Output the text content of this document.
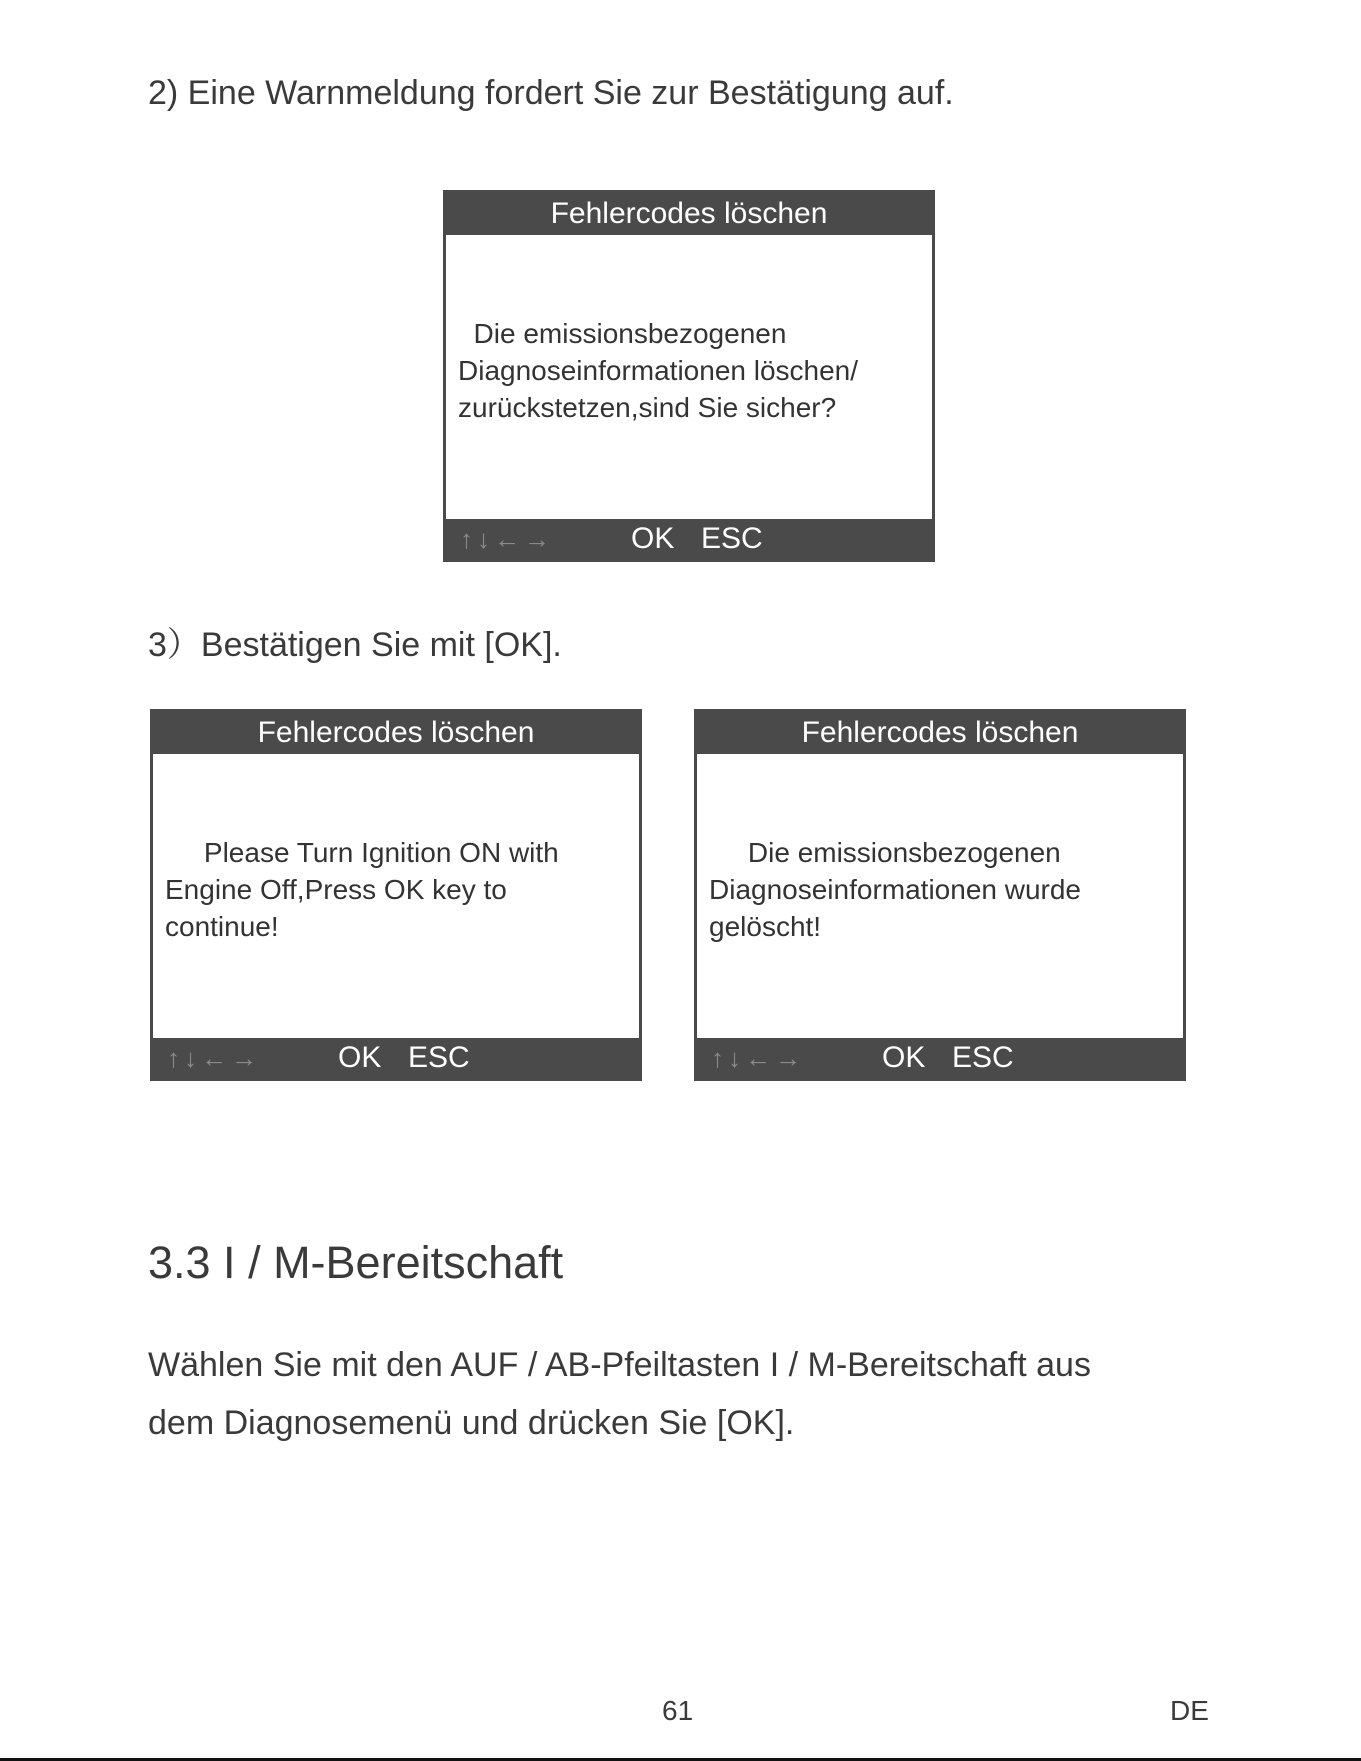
2) Eine Warnmeldung fordert Sie zur Bestätigung auf.
Fehlercodes löschen
Die emissionsbezogenen
Diagnoseinformationen löschen/
zurückstetzen,sind Sie sicher?
↑↓←→	OK ESC
3）Bestätigen Sie mit [OK].
Fehlercodes löschen
Please Turn Ignition ON with
Engine Off,Press OK key to
continue!
↑↓←→	OK ESC
Fehlercodes löschen
Die emissionsbezogenen
Diagnoseinformationen wurde
gelöscht!
↑↓←→	OK ESC
3.3 I / M-Bereitschaft
Wählen Sie mit den AUF / AB-Pfeiltasten I / M-Bereitschaft aus
dem Diagnosemenü und drücken Sie [OK].
61	DE
